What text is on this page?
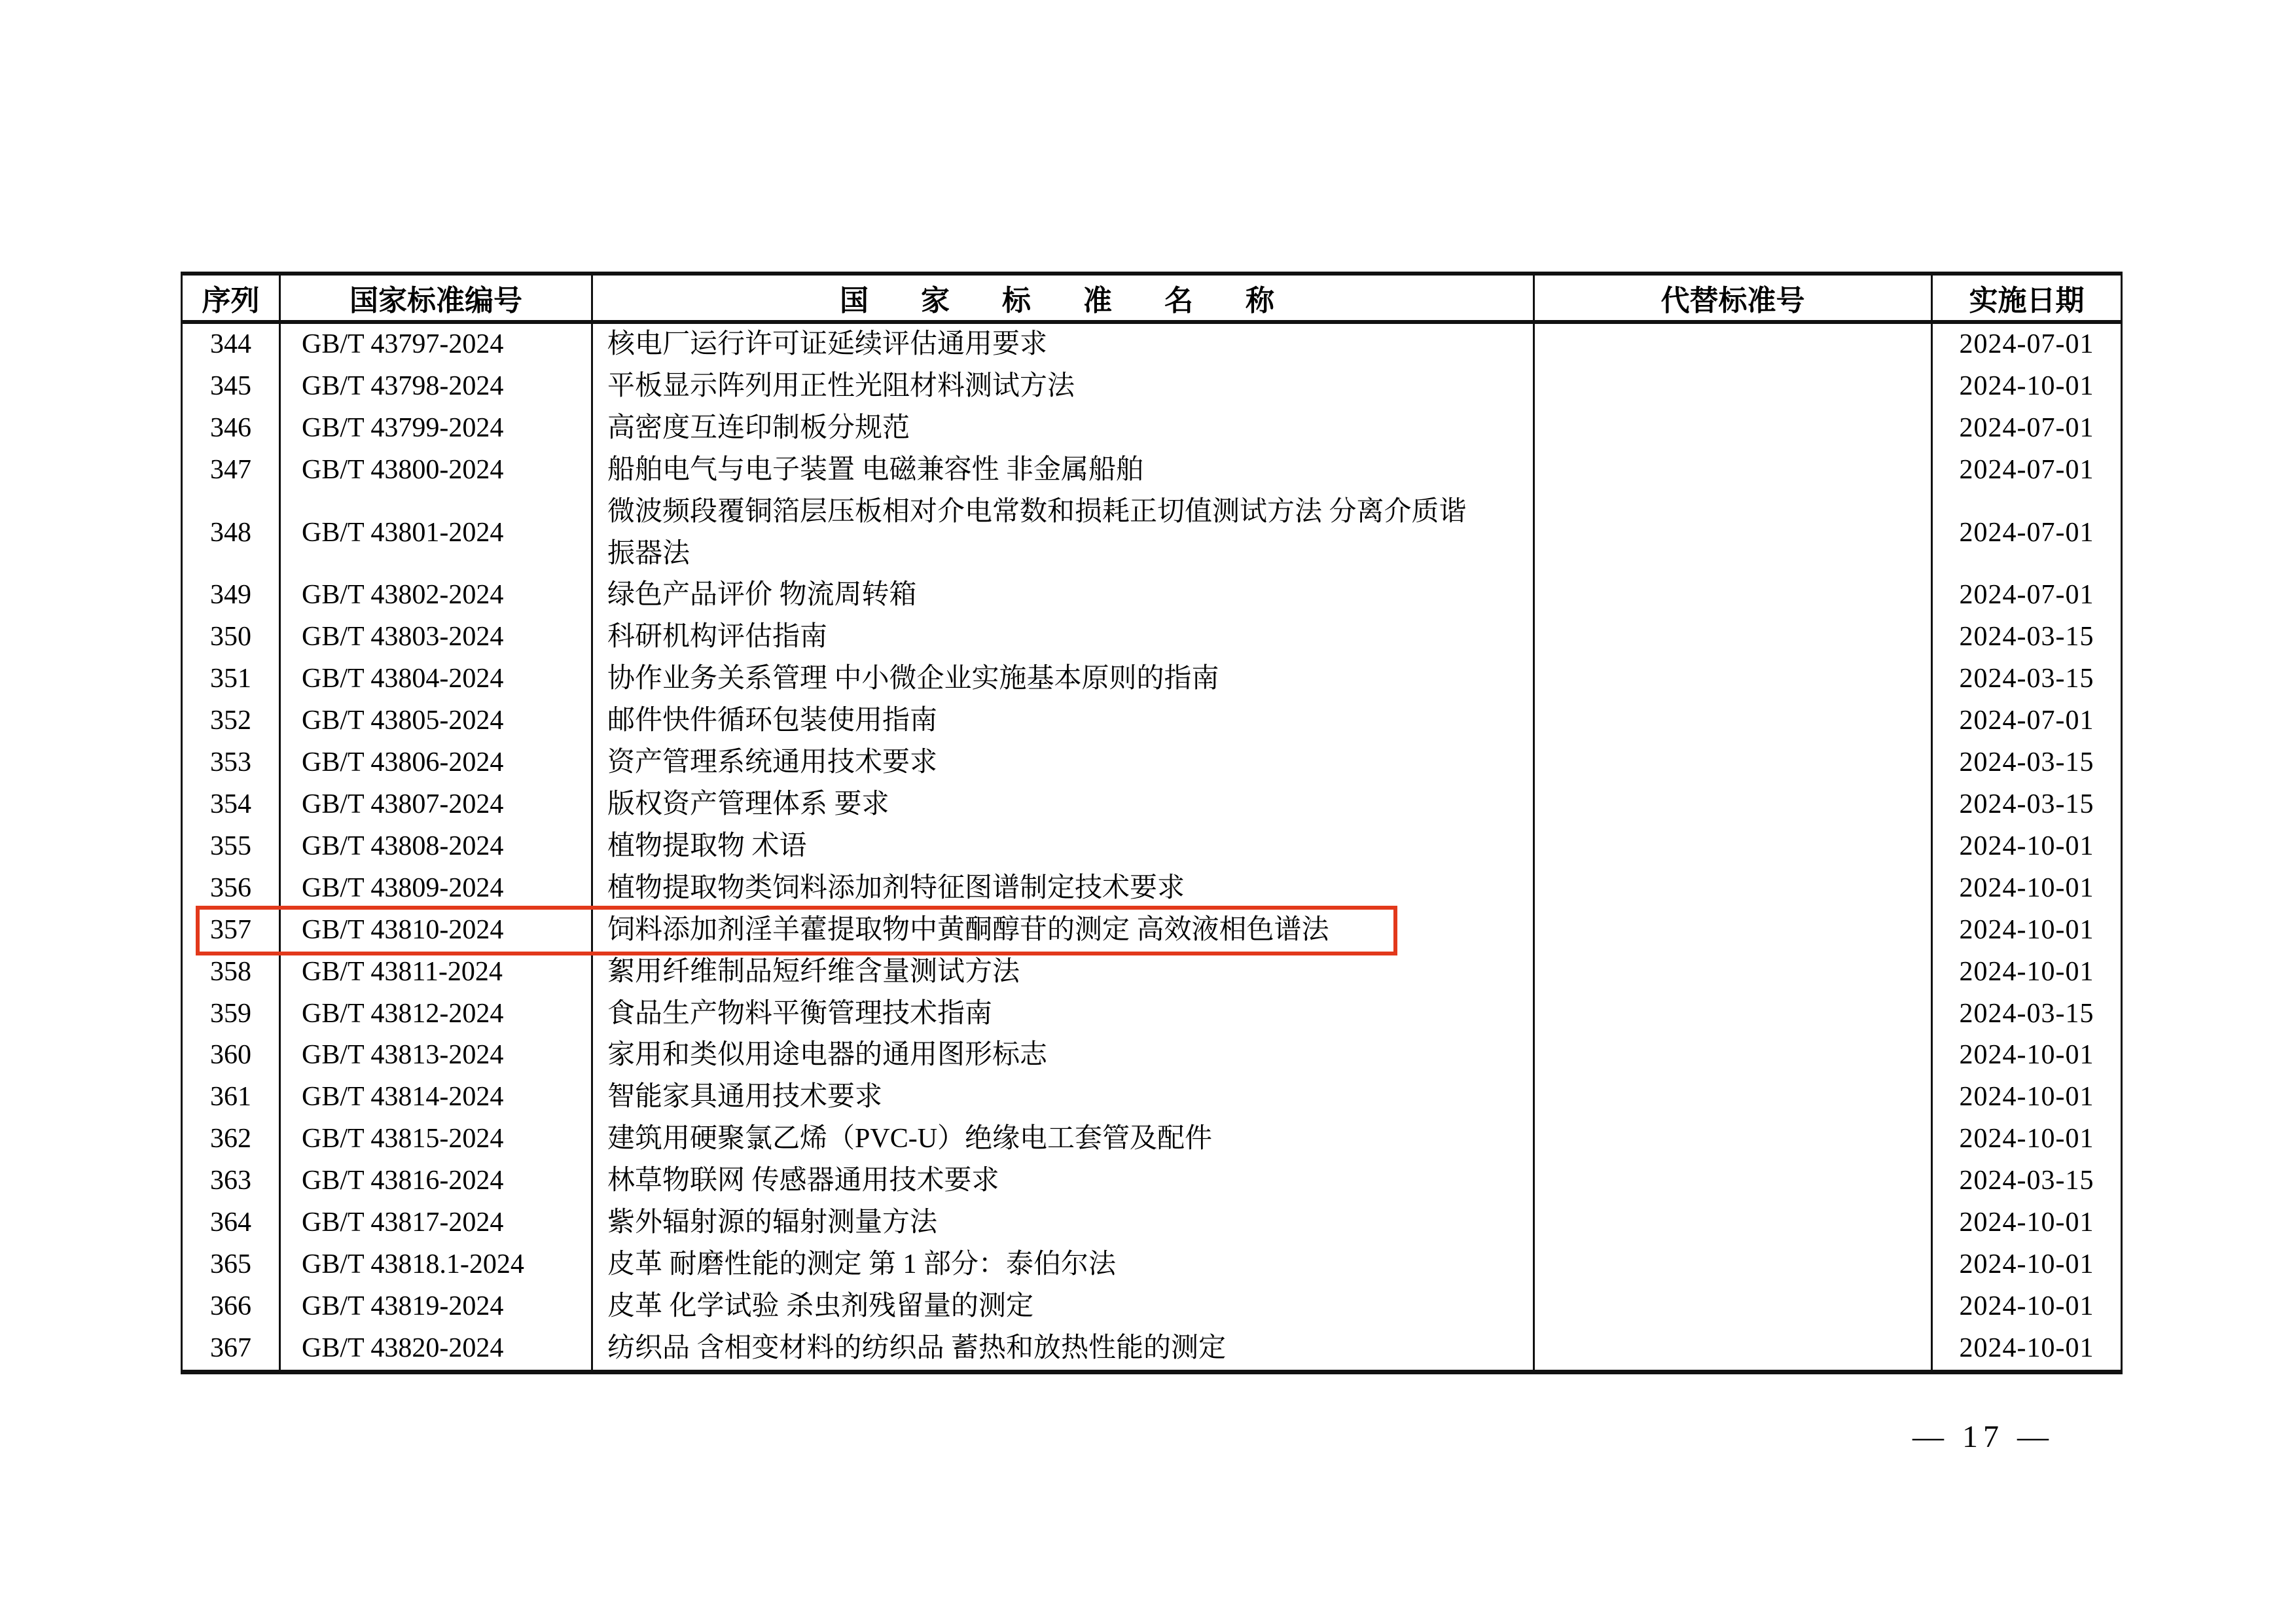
序列	国家标准编号	国　家　标　准　名　称	代替标准号	实施日期
344	GB/T 43797-2024	核电厂运行许可证延续评估通用要求		2024-07-01
345	GB/T 43798-2024	平板显示阵列用正性光阻材料测试方法		2024-10-01
346	GB/T 43799-2024	高密度互连印制板分规范		2024-07-01
347	GB/T 43800-2024	船舶电气与电子装置 电磁兼容性 非金属船舶		2024-07-01
348	GB/T 43801-2024	微波频段覆铜箔层压板相对介电常数和损耗正切值测试方法 分离介质谐振器法		2024-07-01
349	GB/T 43802-2024	绿色产品评价 物流周转箱		2024-07-01
350	GB/T 43803-2024	科研机构评估指南		2024-03-15
351	GB/T 43804-2024	协作业务关系管理 中小微企业实施基本原则的指南		2024-03-15
352	GB/T 43805-2024	邮件快件循环包装使用指南		2024-07-01
353	GB/T 43806-2024	资产管理系统通用技术要求		2024-03-15
354	GB/T 43807-2024	版权资产管理体系 要求		2024-03-15
355	GB/T 43808-2024	植物提取物 术语		2024-10-01
356	GB/T 43809-2024	植物提取物类饲料添加剂特征图谱制定技术要求		2024-10-01
357	GB/T 43810-2024	饲料添加剂淫羊藿提取物中黄酮醇苷的测定 高效液相色谱法		2024-10-01
358	GB/T 43811-2024	絮用纤维制品短纤维含量测试方法		2024-10-01
359	GB/T 43812-2024	食品生产物料平衡管理技术指南		2024-03-15
360	GB/T 43813-2024	家用和类似用途电器的通用图形标志		2024-10-01
361	GB/T 43814-2024	智能家具通用技术要求		2024-10-01
362	GB/T 43815-2024	建筑用硬聚氯乙烯（PVC-U）绝缘电工套管及配件		2024-10-01
363	GB/T 43816-2024	林草物联网 传感器通用技术要求		2024-03-15
364	GB/T 43817-2024	紫外辐射源的辐射测量方法		2024-10-01
365	GB/T 43818.1-2024	皮革 耐磨性能的测定 第 1 部分：泰伯尔法		2024-10-01
366	GB/T 43819-2024	皮革 化学试验 杀虫剂残留量的测定		2024-10-01
367	GB/T 43820-2024	纺织品 含相变材料的纺织品 蓄热和放热性能的测定		2024-10-01
— 17 —
